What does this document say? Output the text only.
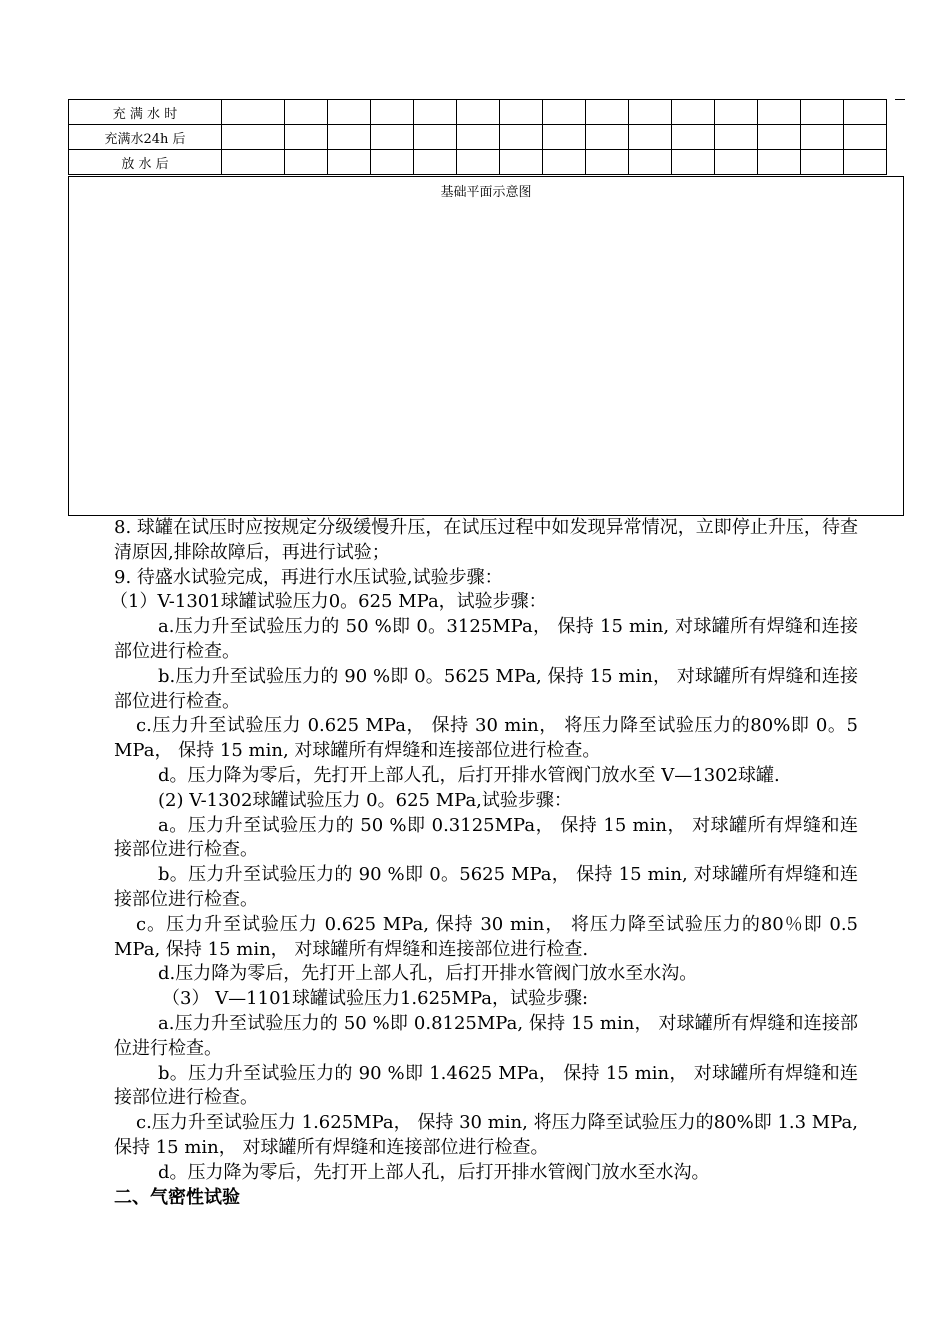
充 满 水 时															
充满水24h 后															
放 水 后															
基础平面示意图

8. 球罐在试压时应按规定分级缓慢升压，在试压过程中如发现异常情况，立即停止升压，待查清原因,排除故障后，再进行试验；

9. 待盛水试验完成，再进行水压试验,试验步骤：

（1）V-1301球罐试验压力0。625 MPa，试验步骤：

a.压力升至试验压力的 50 %即 0。3125MPa， 保持 15 min, 对球罐所有焊缝和连接部位进行检查。

b.压力升至试验压力的 90 %即 0。5625 MPa, 保持 15 min， 对球罐所有焊缝和连接部位进行检查。

c.压力升至试验压力 0.625 MPa， 保持 30 min， 将压力降至试验压力的80%即 0。5 MPa， 保持 15 min, 对球罐所有焊缝和连接部位进行检查。

d。压力降为零后，先打开上部人孔，后打开排水管阀门放水至 V—1302球罐.

(2) V-1302球罐试验压力 0。625 MPa,试验步骤：

a。压力升至试验压力的 50 %即 0.3125MPa， 保持 15 min， 对球罐所有焊缝和连接部位进行检查。

b。压力升至试验压力的 90 %即 0。5625 MPa， 保持 15 min, 对球罐所有焊缝和连接部位进行检查。

c。压力升至试验压力 0.625 MPa, 保持 30 min， 将压力降至试验压力的80％即 0.5 MPa, 保持 15 min， 对球罐所有焊缝和连接部位进行检查.

d.压力降为零后，先打开上部人孔，后打开排水管阀门放水至水沟。

（3） V—1101球罐试验压力1.625MPa，试验步骤:

a.压力升至试验压力的 50 %即 0.8125MPa, 保持 15 min， 对球罐所有焊缝和连接部位进行检查。

b。压力升至试验压力的 90 %即 1.4625 MPa， 保持 15 min， 对球罐所有焊缝和连接部位进行检查。

c.压力升至试验压力 1.625MPa， 保持 30 min, 将压力降至试验压力的80%即 1.3 MPa, 保持 15 min， 对球罐所有焊缝和连接部位进行检查。

d。压力降为零后，先打开上部人孔，后打开排水管阀门放水至水沟。

二、气密性试验
